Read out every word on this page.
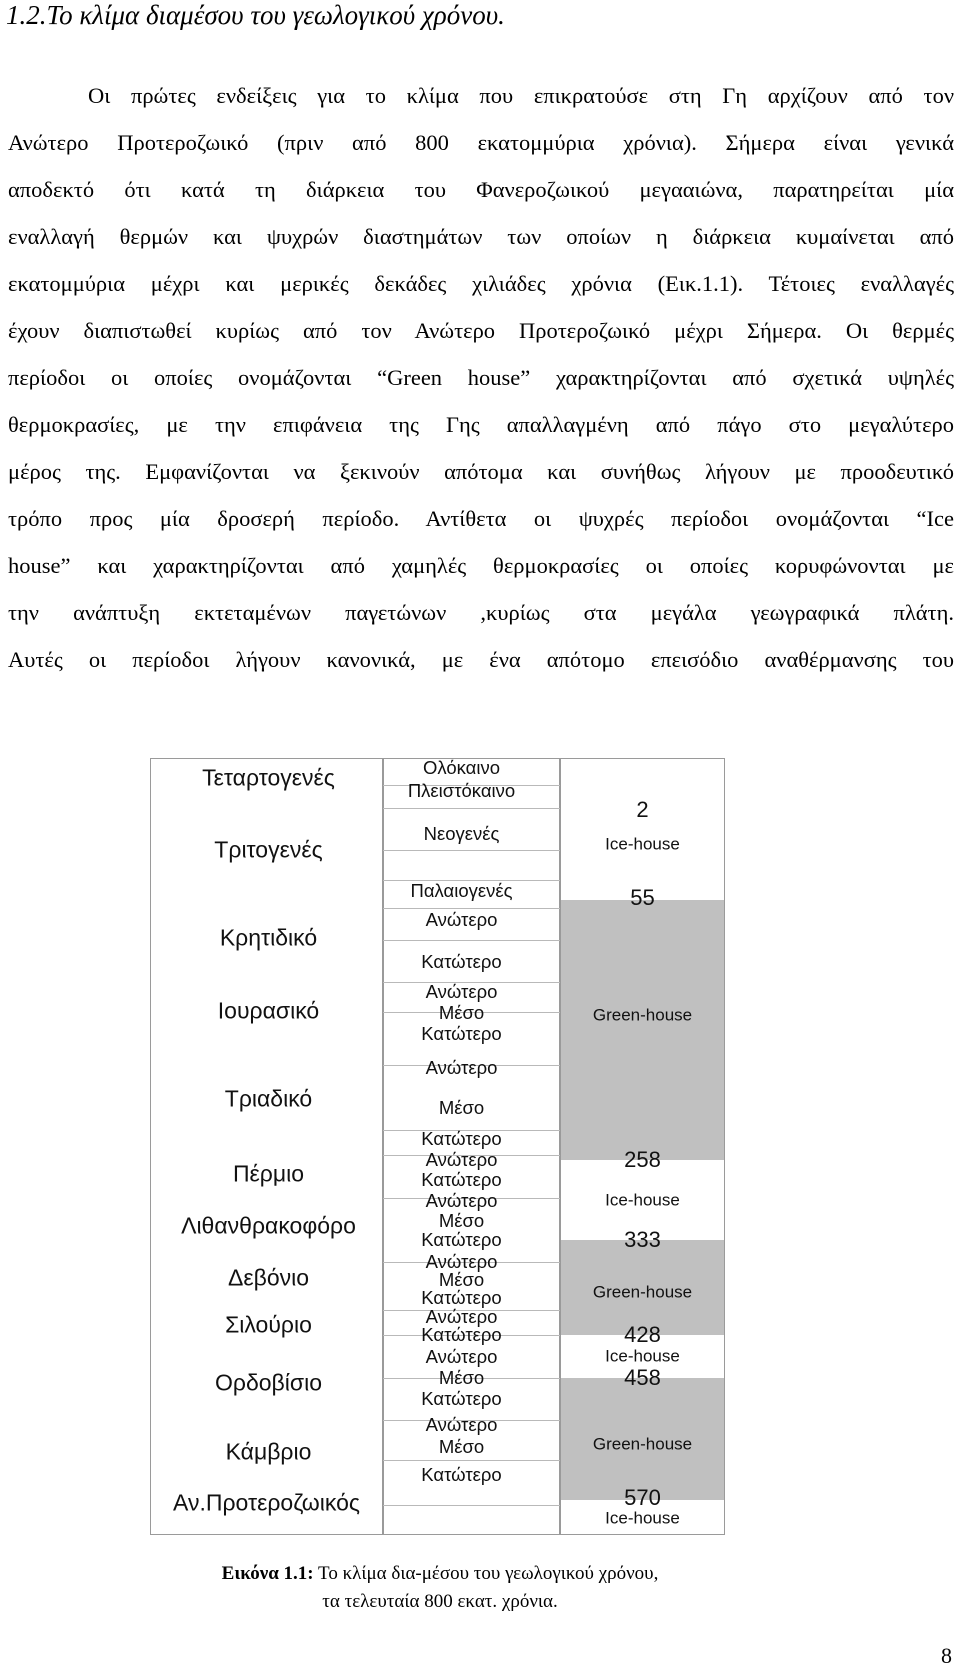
1.2.Το κλίμα διαμέσου του γεωλογικού χρόνου.
Οι πρώτες ενδείξεις για το κλίμα που επικρατούσε στη Γη αρχίζουν από τον
Ανώτερο Προτεροζωικό (πριν από 800 εκατομμύρια χρόνια). Σήμερα είναι γενικά
αποδεκτό ότι κατά τη διάρκεια του Φανεροζωικού μεγααιώνα, παρατηρείται μία
εναλλαγή θερμών και ψυχρών διαστημάτων των οποίων η διάρκεια κυμαίνεται από
εκατομμύρια μέχρι και μερικές δεκάδες χιλιάδες χρόνια (Εικ.1.1). Τέτοιες εναλλαγές
έχουν διαπιστωθεί κυρίως από τον Ανώτερο Προτεροζωικό μέχρι Σήμερα. Οι θερμές
περίοδοι οι οποίες ονομάζονται “Green house” χαρακτηρίζονται από σχετικά υψηλές
θερμοκρασίες, με την επιφάνεια της Γης απαλλαγμένη από πάγο στο μεγαλύτερο
μέρος της. Εμφανίζονται να ξεκινούν απότομα και συνήθως λήγουν με προοδευτικό
τρόπο προς μία δροσερή περίοδο. Αντίθετα οι ψυχρές περίοδοι ονομάζονται “Ice
house” και χαρακτηρίζονται από χαμηλές θερμοκρασίες οι οποίες κορυφώνονται με
την ανάπτυξη εκτεταμένων παγετώνων ,κυρίως στα μεγάλα γεωγραφικά πλάτη.
Αυτές οι περίοδοι λήγουν κανονικά, με ένα απότομο επεισόδιο αναθέρμανσης του
Τεταρτογενές
Τριτογενές
Κρητιδικό
Ιουρασικό
Τριαδικό
Πέρμιο
Λιθανθρακοφόρο
Δεβόνιο
Σιλούριο
Ορδοβίσιο
Κάμβριο
Αν.Προτεροζωικός
Ολόκαινο
Πλειστόκαινο
Νεογενές
Παλαιογενές
Ανώτερο
Κατώτερο
Ανώτερο
Μέσο
Κατώτερο
Ανώτερο
Μέσο
Κατώτερο
Ανώτερο
Κατώτερο
Ανώτερο
Μέσο
Κατώτερο
Ανώτερο
Μέσο
Κατώτερο
Ανώτερο
Κατώτερο
Ανώτερο
Μέσο
Κατώτερο
Ανώτερο
Μέσο
Κατώτερο
2
55
258
333
428
458
570
Ice-house
Green-house
Ice-house
Green-house
Ice-house
Green-house
Ice-house
Εικόνα 1.1: Το κλίμα δια-μέσου του γεωλογικού χρόνου,
τα τελευταία 800 εκατ. χρόνια.
8
